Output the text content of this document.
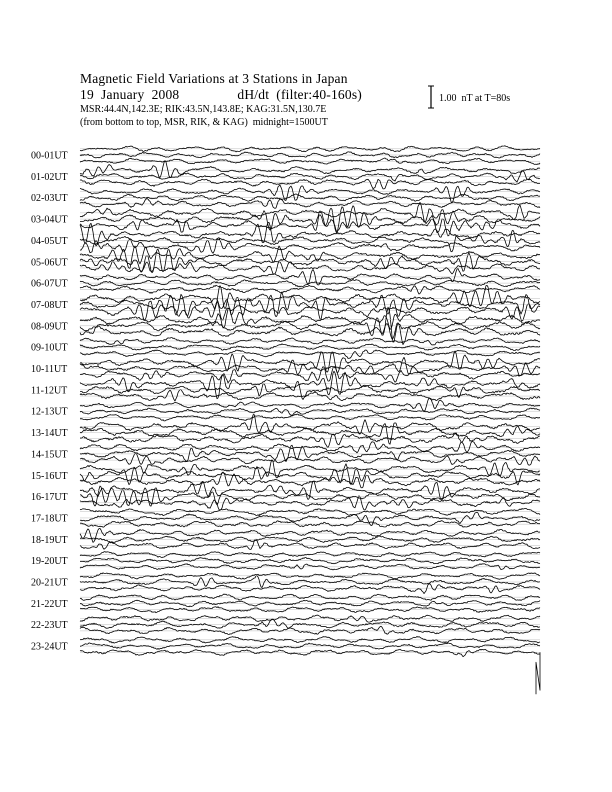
Magnetic Field Variations at 3 Stations in Japan
19  January  2008	dH/dt  (filter:40-160s)
MSR:44.4N,142.3E; RIK:43.5N,143.8E; KAG:31.5N,130.7E
(from bottom to top, MSR, RIK, & KAG)  midnight=1500UT
1.00  nT at T=80s
00-01UT
01-02UT
02-03UT
03-04UT
04-05UT
05-06UT
06-07UT
07-08UT
08-09UT
09-10UT
10-11UT
11-12UT
12-13UT
13-14UT
14-15UT
15-16UT
16-17UT
17-18UT
18-19UT
19-20UT
20-21UT
21-22UT
22-23UT
23-24UT
